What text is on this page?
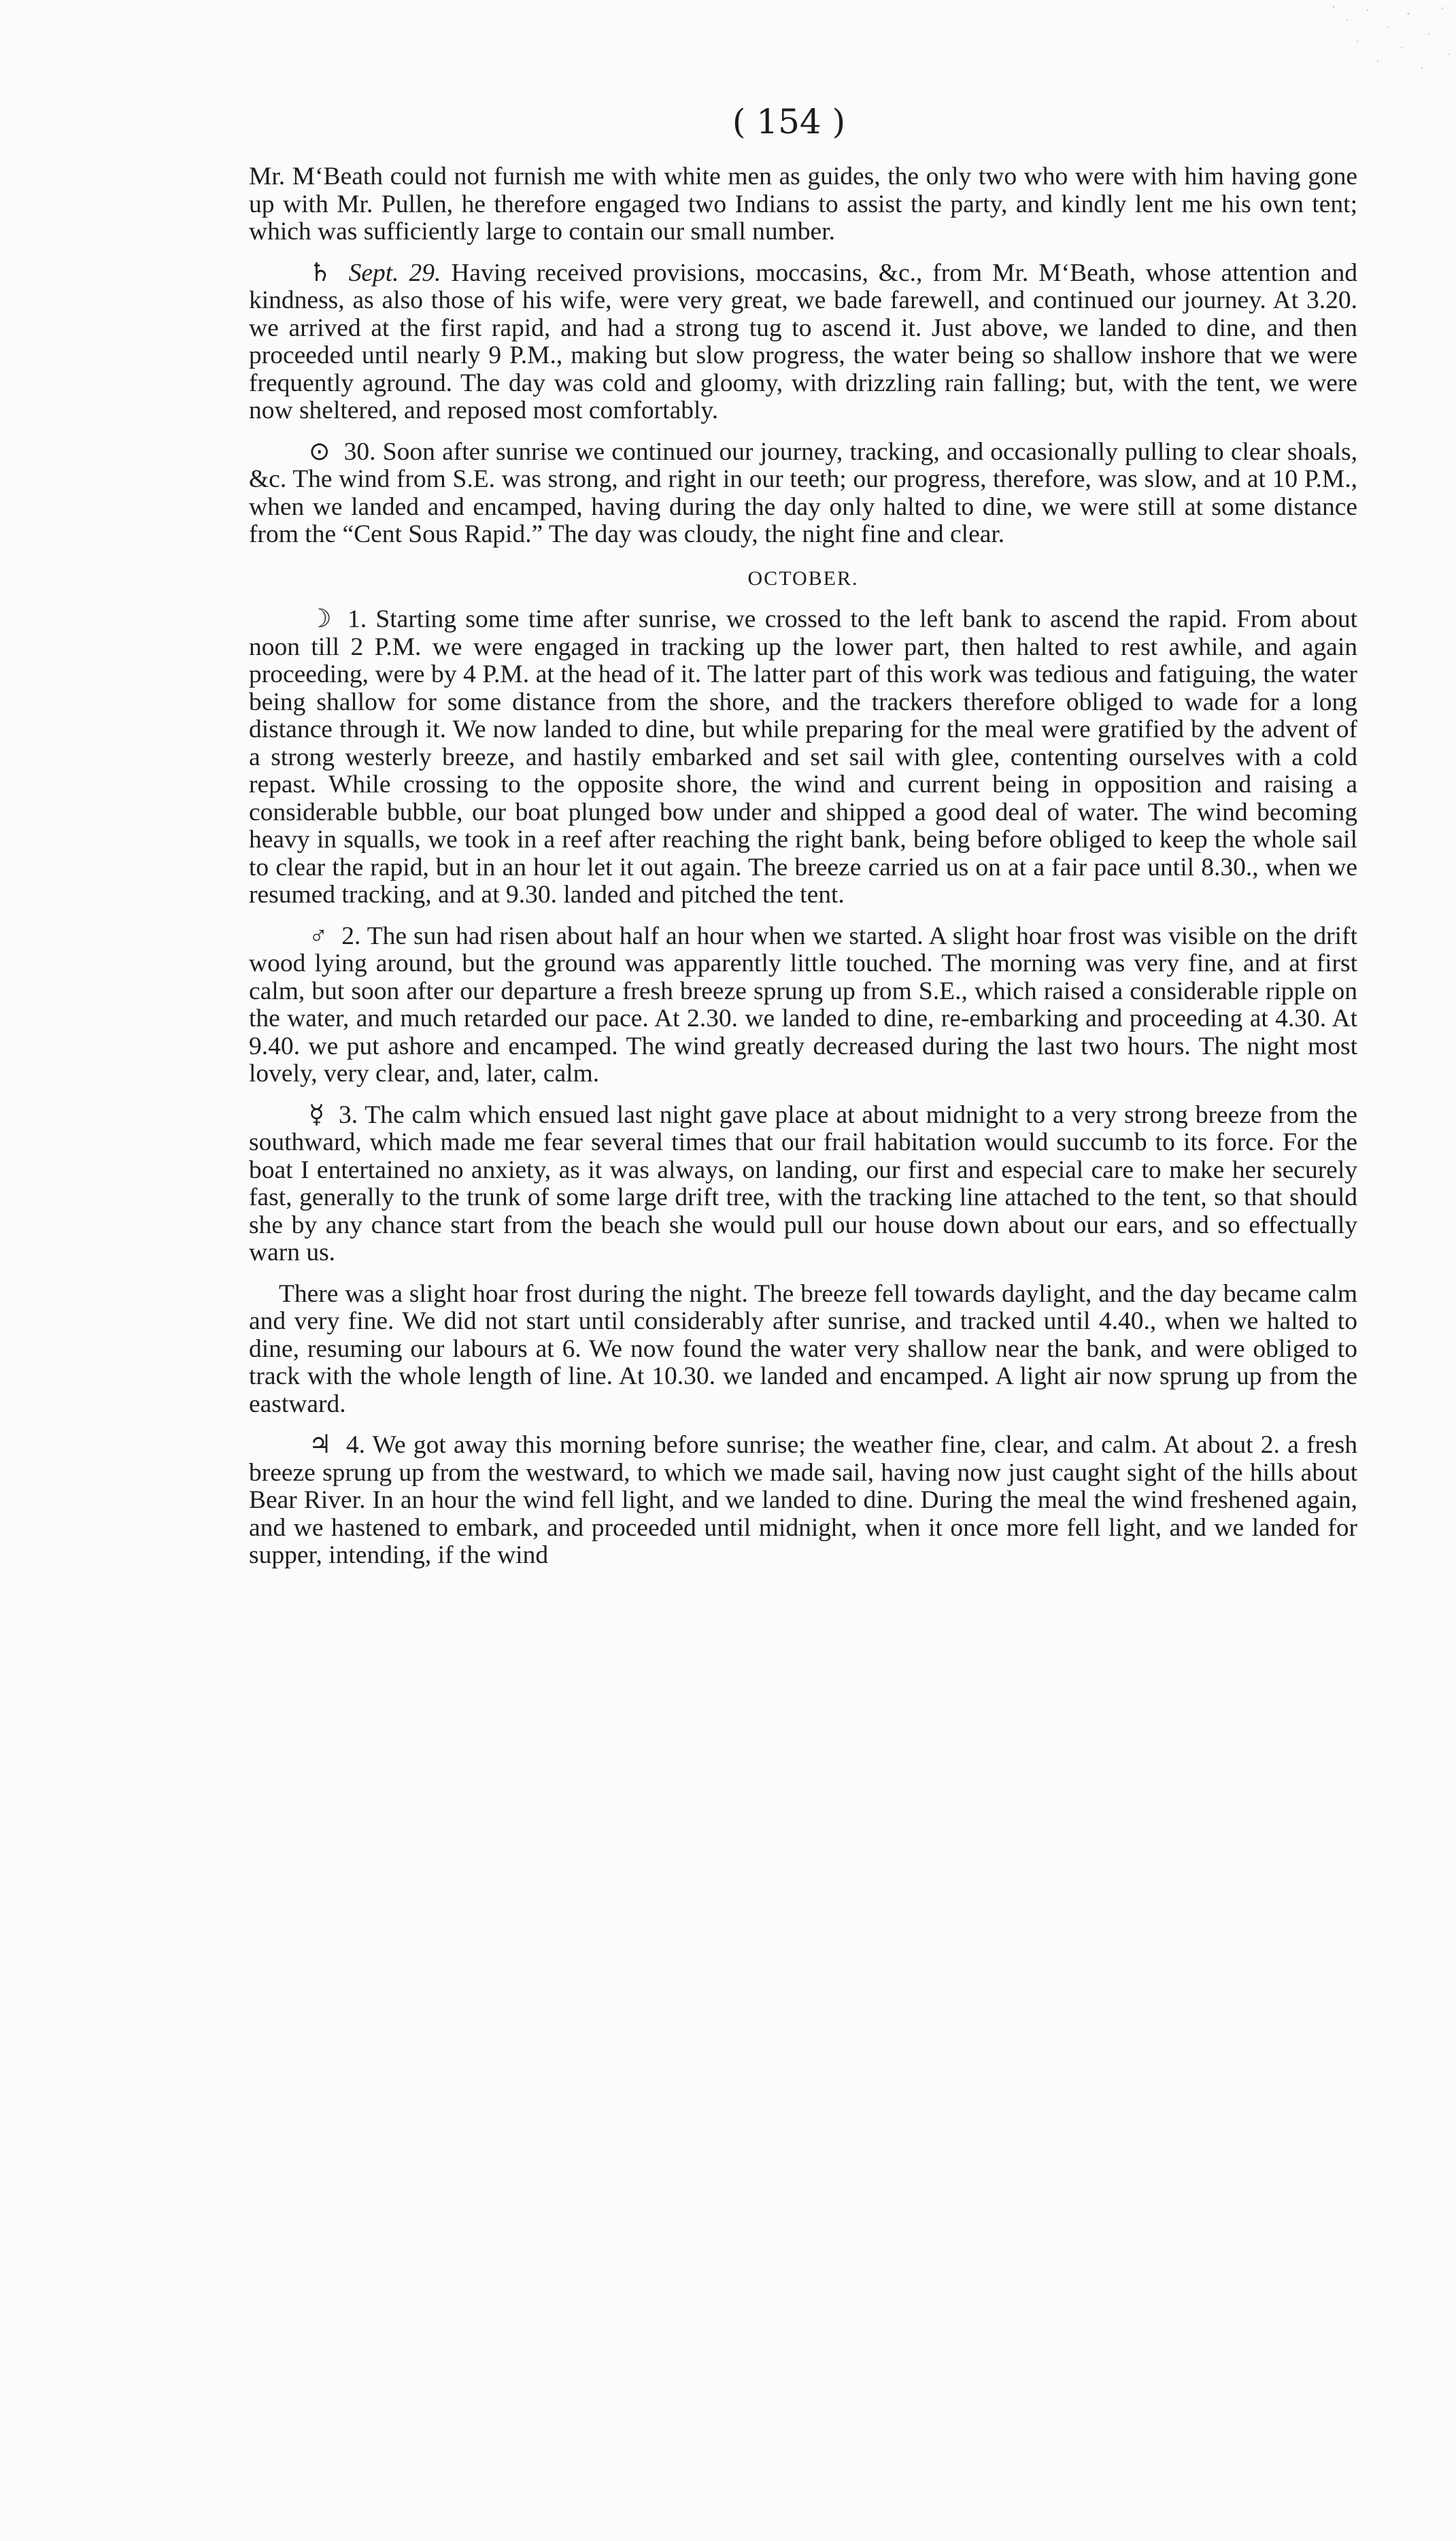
( 154 )

Mr. M‘Beath could not furnish me with white men as guides, the only two who were with him having gone up with Mr. Pullen, he therefore engaged two Indians to assist the party, and kindly lent me his own tent; which was sufficiently large to contain our small number.

♄ Sept. 29. Having received provisions, moccasins, &c., from Mr. M‘Beath, whose attention and kindness, as also those of his wife, were very great, we bade farewell, and continued our journey. At 3.20. we arrived at the first rapid, and had a strong tug to ascend it. Just above, we landed to dine, and then proceeded until nearly 9 P.M., making but slow progress, the water being so shallow inshore that we were frequently aground. The day was cold and gloomy, with drizzling rain falling; but, with the tent, we were now sheltered, and reposed most comfortably.

⊙ 30. Soon after sunrise we continued our journey, tracking, and occasionally pulling to clear shoals, &c. The wind from S.E. was strong, and right in our teeth; our progress, therefore, was slow, and at 10 P.M., when we landed and encamped, having during the day only halted to dine, we were still at some distance from the “Cent Sous Rapid.” The day was cloudy, the night fine and clear.

OCTOBER.

☽ 1. Starting some time after sunrise, we crossed to the left bank to ascend the rapid. From about noon till 2 P.M. we were engaged in tracking up the lower part, then halted to rest awhile, and again proceeding, were by 4 P.M. at the head of it. The latter part of this work was tedious and fatiguing, the water being shallow for some distance from the shore, and the trackers therefore obliged to wade for a long distance through it. We now landed to dine, but while preparing for the meal were gratified by the advent of a strong westerly breeze, and hastily embarked and set sail with glee, contenting ourselves with a cold repast. While crossing to the opposite shore, the wind and current being in opposition and raising a considerable bubble, our boat plunged bow under and shipped a good deal of water. The wind becoming heavy in squalls, we took in a reef after reaching the right bank, being before obliged to keep the whole sail to clear the rapid, but in an hour let it out again. The breeze carried us on at a fair pace until 8.30., when we resumed tracking, and at 9.30. landed and pitched the tent.

♂ 2. The sun had risen about half an hour when we started. A slight hoar frost was visible on the drift wood lying around, but the ground was apparently little touched. The morning was very fine, and at first calm, but soon after our departure a fresh breeze sprung up from S.E., which raised a considerable ripple on the water, and much retarded our pace. At 2.30. we landed to dine, re-embarking and proceeding at 4.30. At 9.40. we put ashore and encamped. The wind greatly decreased during the last two hours. The night most lovely, very clear, and, later, calm.

☿ 3. The calm which ensued last night gave place at about midnight to a very strong breeze from the southward, which made me fear several times that our frail habitation would succumb to its force. For the boat I entertained no anxiety, as it was always, on landing, our first and especial care to make her securely fast, generally to the trunk of some large drift tree, with the tracking line attached to the tent, so that should she by any chance start from the beach she would pull our house down about our ears, and so effectually warn us.

There was a slight hoar frost during the night. The breeze fell towards daylight, and the day became calm and very fine. We did not start until considerably after sunrise, and tracked until 4.40., when we halted to dine, resuming our labours at 6. We now found the water very shallow near the bank, and were obliged to track with the whole length of line. At 10.30. we landed and encamped. A light air now sprung up from the eastward.

♃ 4. We got away this morning before sunrise; the weather fine, clear, and calm. At about 2. a fresh breeze sprung up from the westward, to which we made sail, having now just caught sight of the hills about Bear River. In an hour the wind fell light, and we landed to dine. During the meal the wind freshened again, and we hastened to embark, and proceeded until midnight, when it once more fell light, and we landed for supper, intending, if the wind
